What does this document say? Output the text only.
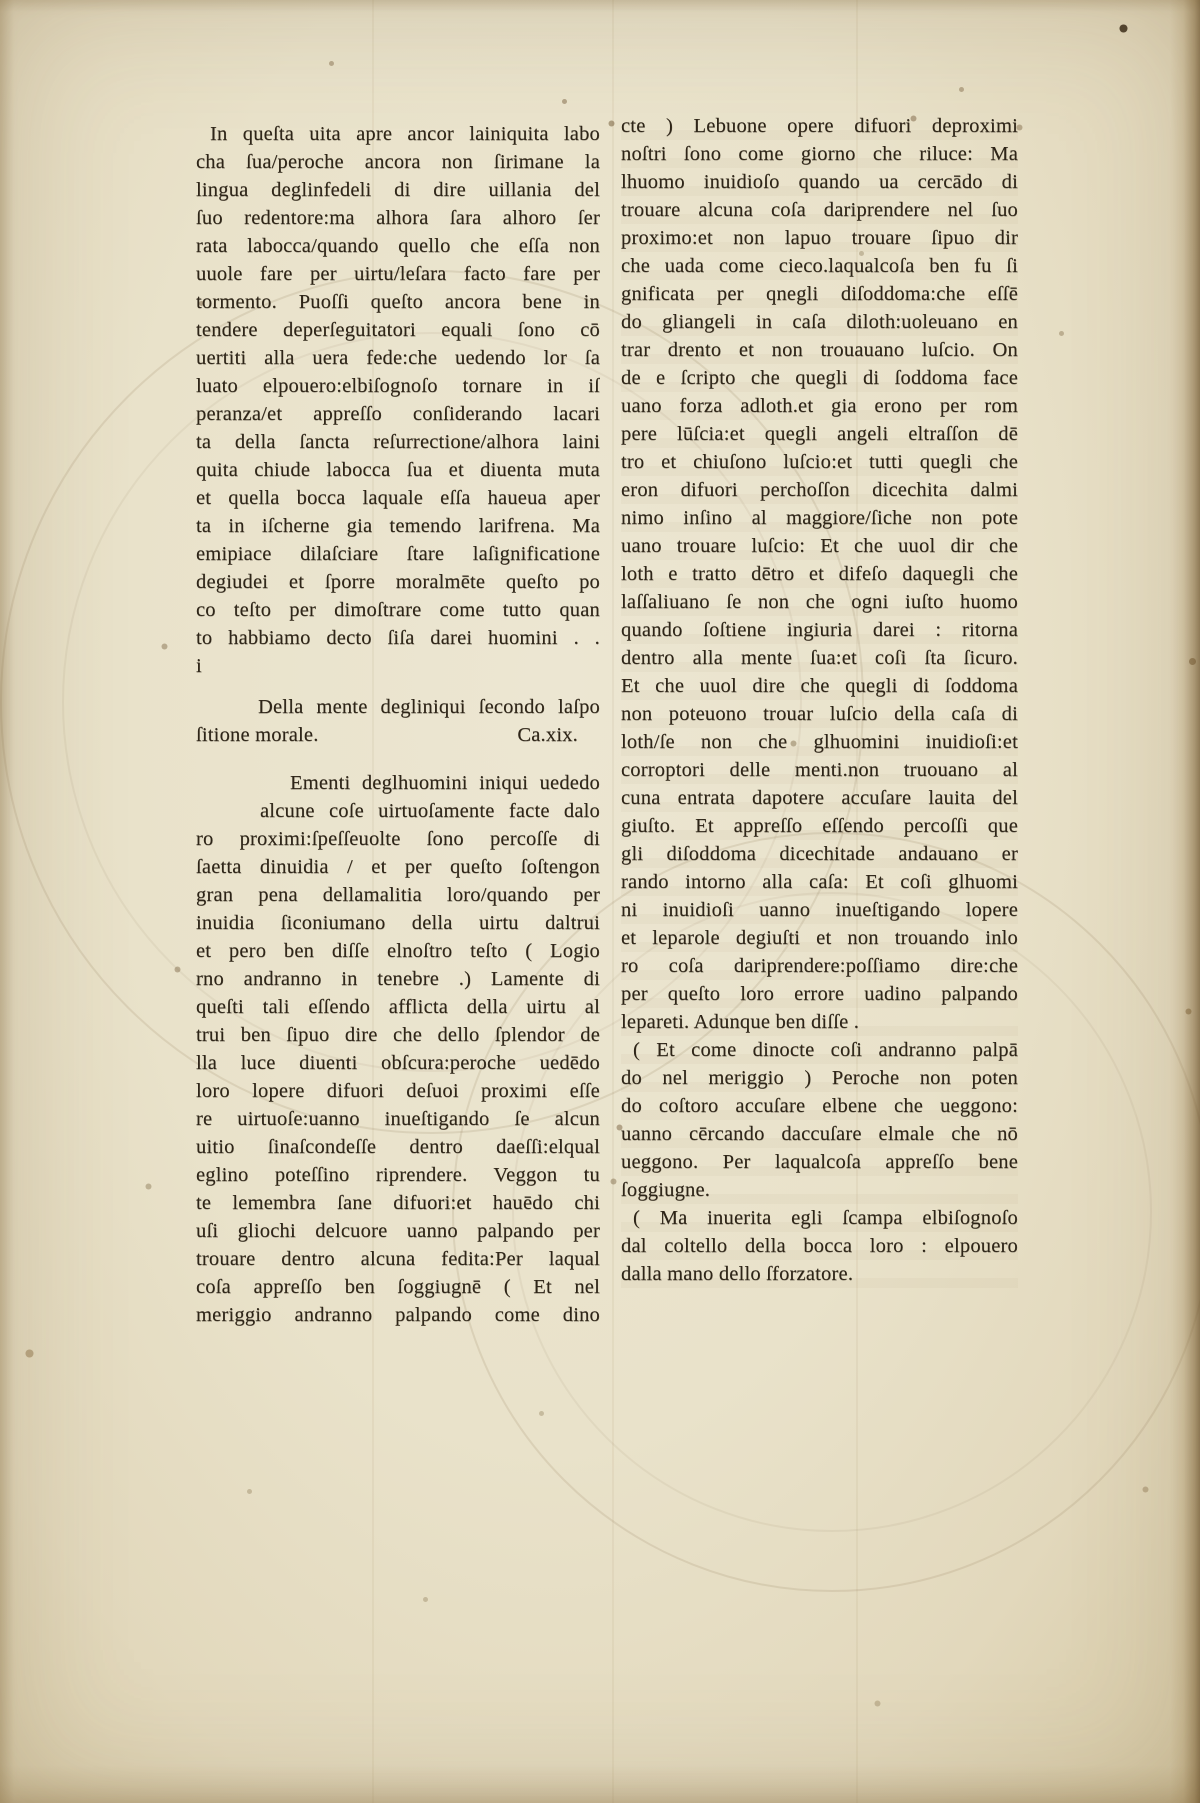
In queſta uita apre ancor lainiquita labo
cha ſua/peroche ancora non ſirimane la
lingua deglinfedeli di dire uillania del
ſuo redentore:ma alhora ſara alhoro ſer
rata labocca/quando quello che eſſa non
uuole fare per uirtu/leſara facto fare per
tormento. Puoſſi queſto ancora bene in
tendere deperſeguitatori equali ſono cō
uertiti alla uera fede:che uedendo lor ſa
luato elpouero:elbiſognoſo tornare in iſ
peranza/et appreſſo conſiderando lacari
ta della ſancta reſurrectione/alhora laini
quita chiude labocca ſua et diuenta muta
et quella bocca laquale eſſa haueua aper
ta in iſcherne gia temendo larifrena. Ma
emipiace dilaſciare ſtare laſignificatione
degiudei et ſporre moralmēte queſto po
co teſto per dimoſtrare come tutto quan
to habbiamo decto ſiſa darei huomini . .
i
Della mente degliniqui ſecondo laſpo
ſitione morale.	Ca.xix.
Ementi deglhuomini iniqui uededo
alcune coſe uirtuoſamente facte dalo
ro proximi:ſpeſſeuolte ſono percoſſe di
ſaetta dinuidia / et per queſto ſoſtengon
gran pena dellamalitia loro/quando per
inuidia ſiconiumano della uirtu daltrui
et pero ben diſſe elnoſtro teſto ( Logio
rno andranno in tenebre .) Lamente di
queſti tali eſſendo afflicta della uirtu al
trui ben ſipuo dire che dello ſplendor de
lla luce diuenti obſcura:peroche uedēdo
loro lopere difuori deſuoi proximi eſſe
re uirtuoſe:uanno inueſtigando ſe alcun
uitio ſinaſcondeſſe dentro daeſſi:elqual
eglino poteſſino riprendere. Veggon tu
te lemembra ſane difuori:et hauēdo chi
uſi gliochi delcuore uanno palpando per
trouare dentro alcuna fedita:Per laqual
coſa appreſſo ben ſoggiugnē ( Et nel
meriggio andranno palpando come dino
cte ) Lebuone opere difuori deproximi
noſtri ſono come giorno che riluce: Ma
lhuomo inuidioſo quando ua cercādo di
trouare alcuna coſa dariprendere nel ſuo
proximo:et non lapuo trouare ſipuo dir
che uada come cieco.laqualcoſa ben fu ſi
gnificata per qnegli diſoddoma:che eſſē
do gliangeli in caſa diloth:uoleuano en
trar drento et non trouauano luſcio. On
de e ſcripto che quegli di ſoddoma face
uano forza adloth.et gia erono per rom
pere lūſcia:et quegli angeli eltraſſon dē
tro et chiuſono luſcio:et tutti quegli che
eron difuori perchoſſon dicechita dalmi
nimo inſino al maggiore/ſiche non pote
uano trouare luſcio: Et che uuol dir che
loth e tratto dētro et difeſo daquegli che
laſſaliuano ſe non che ogni iuſto huomo
quando ſoſtiene ingiuria darei : ritorna
dentro alla mente ſua:et coſi ſta ſicuro.
Et che uuol dire che quegli di ſoddoma
non poteuono trouar luſcio della caſa di
loth/ſe non che glhuomini inuidioſi:et
corroptori delle menti.non truouano al
cuna entrata dapotere accuſare lauita del
giuſto. Et appreſſo eſſendo percoſſi que
gli diſoddoma dicechitade andauano er
rando intorno alla caſa: Et coſi glhuomi
ni inuidioſi uanno inueſtigando lopere
et leparole degiuſti et non trouando inlo
ro coſa dariprendere:poſſiamo dire:che
per queſto loro errore uadino palpando
lepareti. Adunque ben diſſe .
( Et come dinocte coſi andranno palpā
do nel meriggio ) Peroche non poten
do coſtoro accuſare elbene che ueggono:
uanno cērcando daccuſare elmale che nō
ueggono. Per laqualcoſa appreſſo bene
ſoggiugne.
( Ma inuerita egli ſcampa elbiſognoſo
dal coltello della bocca loro : elpouero
dalla mano dello ſforzatore.
